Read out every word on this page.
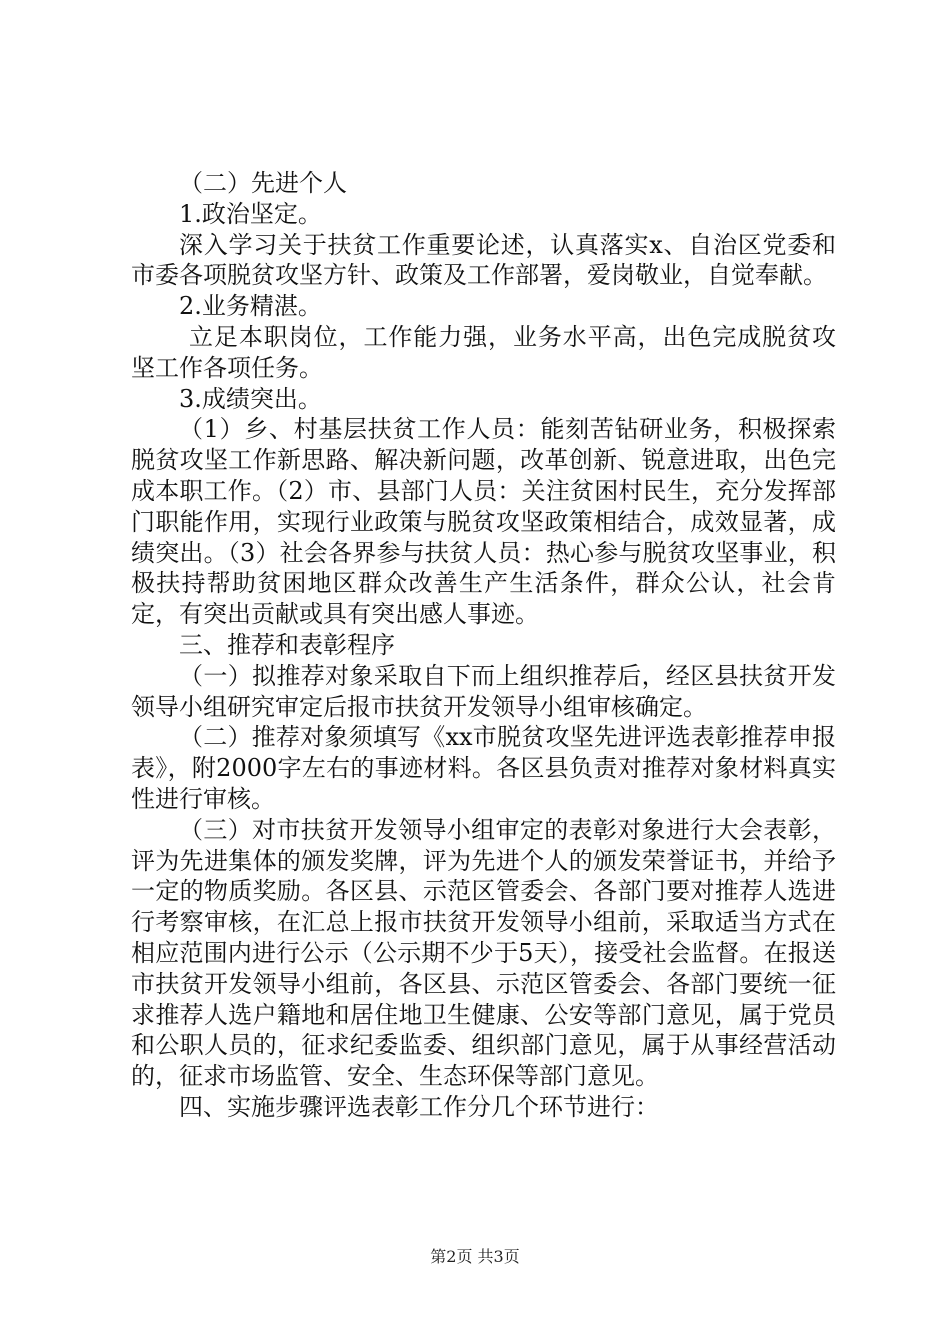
（二）先进个人

1.政治坚定。

深入学习关于扶贫工作重要论述，认真落实x、自治区党委和市委各项脱贫攻坚方针、政策及工作部署，爱岗敬业，自觉奉献。

2.业务精湛。

立足本职岗位，工作能力强，业务水平高，出色完成脱贫攻坚工作各项任务。

3.成绩突出。

（1）乡、村基层扶贫工作人员：能刻苦钻研业务，积极探索脱贫攻坚工作新思路、解决新问题，改革创新、锐意进取，出色完成本职工作。（2）市、县部门人员：关注贫困村民生，充分发挥部门职能作用，实现行业政策与脱贫攻坚政策相结合，成效显著，成绩突出。（3）社会各界参与扶贫人员：热心参与脱贫攻坚事业，积极扶持帮助贫困地区群众改善生产生活条件，群众公认，社会肯定，有突出贡献或具有突出感人事迹。

三、推荐和表彰程序

（一）拟推荐对象采取自下而上组织推荐后，经区县扶贫开发领导小组研究审定后报市扶贫开发领导小组审核确定。

（二）推荐对象须填写《xx市脱贫攻坚先进评选表彰推荐申报表》，附2000字左右的事迹材料。各区县负责对推荐对象材料真实性进行审核。

（三）对市扶贫开发领导小组审定的表彰对象进行大会表彰，评为先进集体的颁发奖牌，评为先进个人的颁发荣誉证书，并给予一定的物质奖励。各区县、示范区管委会、各部门要对推荐人选进行考察审核，在汇总上报市扶贫开发领导小组前，采取适当方式在相应范围内进行公示（公示期不少于5天），接受社会监督。在报送市扶贫开发领导小组前，各区县、示范区管委会、各部门要统一征求推荐人选户籍地和居住地卫生健康、公安等部门意见，属于党员和公职人员的，征求纪委监委、组织部门意见，属于从事经营活动的，征求市场监管、安全、生态环保等部门意见。

四、实施步骤评选表彰工作分几个环节进行：

第2页 共3页
